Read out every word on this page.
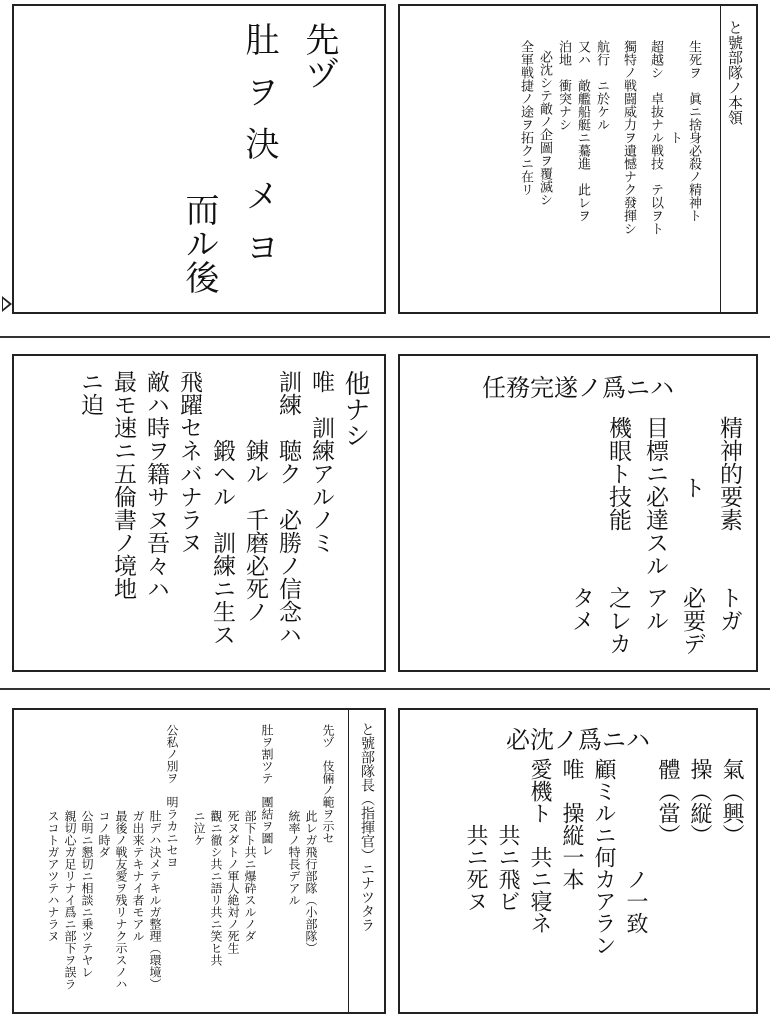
先ヅ
肚ヲ決メヨ
而ル後
と號部隊ノ本領
生死ヲ　眞ニ捨身必殺ノ精神ト
　　　　　　　ト
超越シ　卓抜ナル戦技　テ以ヲト
獨特ノ戦闘威力ヲ遺憾ナク發揮シ
航行　ニ於ケル
又ハ　敵艦船艇ニ驀進　此レヲ
泊地　衝突ナシ
必沈シテ敵ノ企圖ヲ覆滅シ
全軍戦捷ノ途ヲ拓クニ在リ
他ナシ
唯　訓練アルノミ
訓練　聴ク　必勝ノ信念ハ
　　　錬ル　千磨必死ノ
　　　鍛ヘル　訓練ニ生ス
飛躍セネバナラヌ
敵ハ時ヲ籍サヌ吾々ハ
最モ速ニ五倫書ノ境地
ニ迫	ハニ爲ノ遂完務任
精神的要素
ト
目標ニ必達スル
機眼ト技能
トガ
必要デ
アル
之レカ
タメ
と號部隊長（指揮官）ニナツタラ
先ヅ　伎倆ノ範ヲ示セ
此レガ飛行部隊（小部隊）
統率ノ特長デアル
肚ヲ割ツテ　團結ヲ圖レ
部下ト共ニ爆砕スルノダ
死ヌダトノ軍人絶対ノ死生
觀ニ徹シ共ニ語リ共ニ笑ヒ共
ニ泣ケ
公私ノ別ヲ　明ラカニセヨ
肚デハ決メテキルガ整理（環境）
ガ出来テキナイ者モアル
最後ノ戦友愛ヲ残リナク示スノハ
コノ時ダ
公明ニ懇切ニ相談ニ乗ツテヤレ
親切心ガ足リナイ爲ニ部下ヲ誤ラ
スコトガアツテハナラヌ
ハニ爲ノ沈必
氣（興）
操（縦）
體（當）
ノ一致
顧ミルニ何カアラン
唯　操縦一本
愛機ト　共ニ寝ネ
　　　共ニ飛ビ
　　　共ニ死ヌ
